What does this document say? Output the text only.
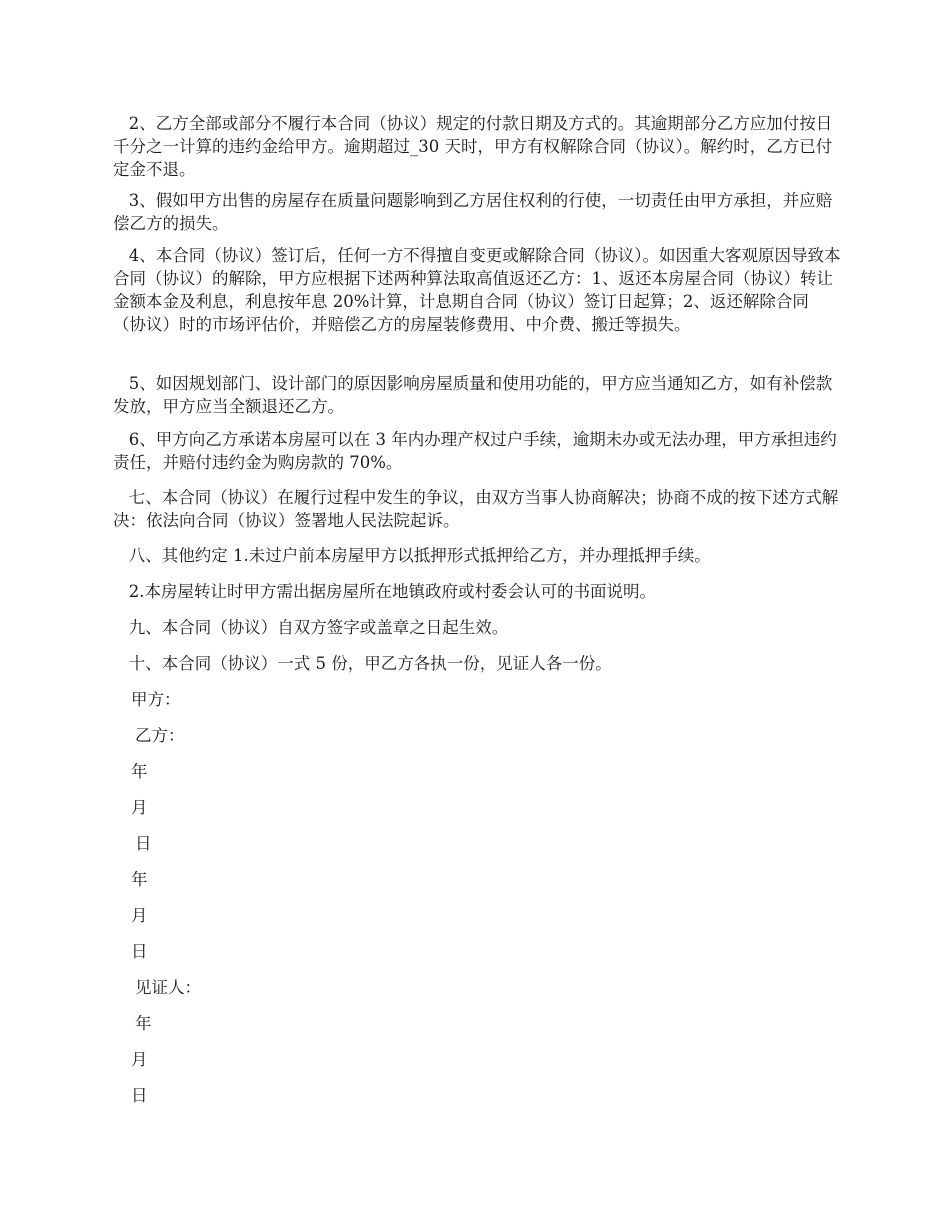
2、乙方全部或部分不履行本合同（协议）规定的付款日期及方式的。其逾期部分乙方应加付按日千分之一计算的违约金给甲方。逾期超过_30 天时，甲方有权解除合同（协议）。解约时，乙方已付定金不退。

3、假如甲方出售的房屋存在质量问题影响到乙方居住权利的行使，一切责任由甲方承担，并应赔偿乙方的损失。

4、本合同（协议）签订后，任何一方不得擅自变更或解除合同（协议）。如因重大客观原因导致本合同（协议）的解除，甲方应根据下述两种算法取高值返还乙方：1、返还本房屋合同（协议）转让金额本金及利息，利息按年息 20%计算，计息期自合同（协议）签订日起算；2、返还解除合同（协议）时的市场评估价，并赔偿乙方的房屋装修费用、中介费、搬迁等损失。

5、如因规划部门、设计部门的原因影响房屋质量和使用功能的，甲方应当通知乙方，如有补偿款发放，甲方应当全额退还乙方。

6、甲方向乙方承诺本房屋可以在 3 年内办理产权过户手续，逾期未办或无法办理，甲方承担违约责任，并赔付违约金为购房款的 70%。

七、本合同（协议）在履行过程中发生的争议，由双方当事人协商解决；协商不成的按下述方式解决：依法向合同（协议）签署地人民法院起诉。

八、其他约定 1.未过户前本房屋甲方以抵押形式抵押给乙方，并办理抵押手续。

2.本房屋转让时甲方需出据房屋所在地镇政府或村委会认可的书面说明。

九、本合同（协议）自双方签字或盖章之日起生效。

十、本合同（协议）一式 5 份，甲乙方各执一份，见证人各一份。

甲方：

乙方：

年

月

日

年

月

日

见证人：

年

月

日
